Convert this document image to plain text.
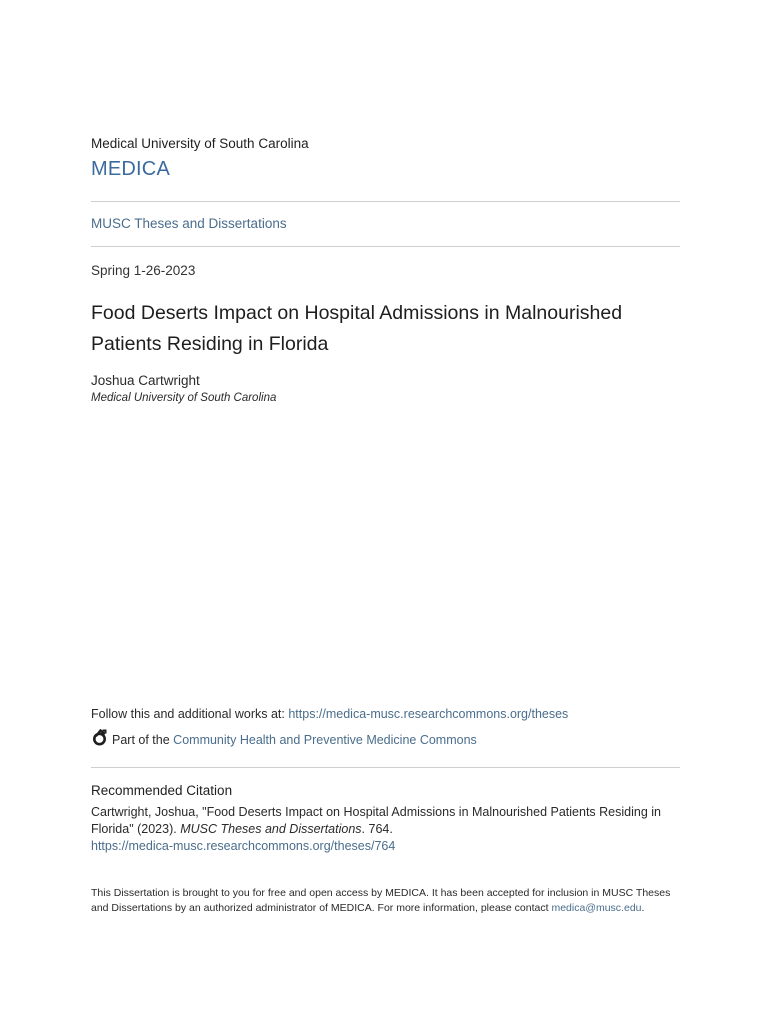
Medical University of South Carolina
MEDICA
MUSC Theses and Dissertations
Spring 1-26-2023
Food Deserts Impact on Hospital Admissions in Malnourished Patients Residing in Florida
Joshua Cartwright
Medical University of South Carolina
Follow this and additional works at: https://medica-musc.researchcommons.org/theses
Part of the
Community Health and Preventive Medicine Commons
Recommended Citation
Cartwright, Joshua, "Food Deserts Impact on Hospital Admissions in Malnourished Patients Residing in Florida" (2023). MUSC Theses and Dissertations. 764.
https://medica-musc.researchcommons.org/theses/764
This Dissertation is brought to you for free and open access by MEDICA. It has been accepted for inclusion in MUSC Theses and Dissertations by an authorized administrator of MEDICA. For more information, please contact medica@musc.edu.
